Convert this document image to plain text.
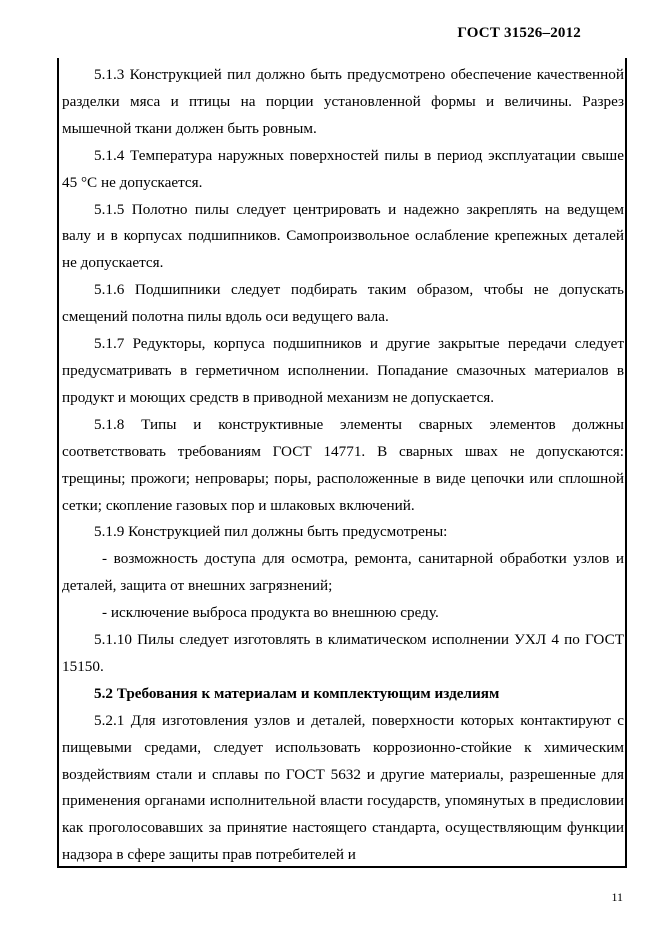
ГОСТ 31526–2012

5.1.3 Конструкцией пил должно быть предусмотрено обеспечение качественной разделки мяса и птицы на порции установленной формы и величины. Разрез мышечной ткани должен быть ровным.

5.1.4 Температура наружных поверхностей пилы в период эксплуатации свыше 45 °C не допускается.

5.1.5 Полотно пилы следует центрировать и надежно закреплять на ведущем валу и в корпусах подшипников. Самопроизвольное ослабление крепежных деталей не допускается.

5.1.6 Подшипники следует подбирать таким образом, чтобы не допускать смещений полотна пилы вдоль оси ведущего вала.

5.1.7 Редукторы, корпуса подшипников и другие закрытые передачи следует предусматривать в герметичном исполнении. Попадание смазочных материалов в продукт и моющих средств в приводной механизм не допускается.

5.1.8 Типы и конструктивные элементы сварных элементов должны соответствовать требованиям ГОСТ 14771. В сварных швах не допускаются: трещины; прожоги; непровары; поры, расположенные в виде цепочки или сплошной сетки; скопление газовых пор и шлаковых включений.

5.1.9 Конструкцией пил должны быть предусмотрены:

- возможность доступа для осмотра, ремонта, санитарной обработки узлов и деталей, защита от внешних загрязнений;

- исключение выброса продукта во внешнюю среду.

5.1.10 Пилы следует изготовлять в климатическом исполнении УХЛ 4 по ГОСТ 15150.

5.2 Требования к материалам и комплектующим изделиям

5.2.1 Для изготовления узлов и деталей, поверхности которых контактируют с пищевыми средами, следует использовать коррозионно-стойкие к химическим воздействиям стали и сплавы по ГОСТ 5632 и другие материалы, разрешенные для применения органами исполнительной власти государств, упомянутых в предисловии как проголосовавших за принятие настоящего стандарта, осуществляющим функции надзора в сфере защиты прав потребителей и

11
